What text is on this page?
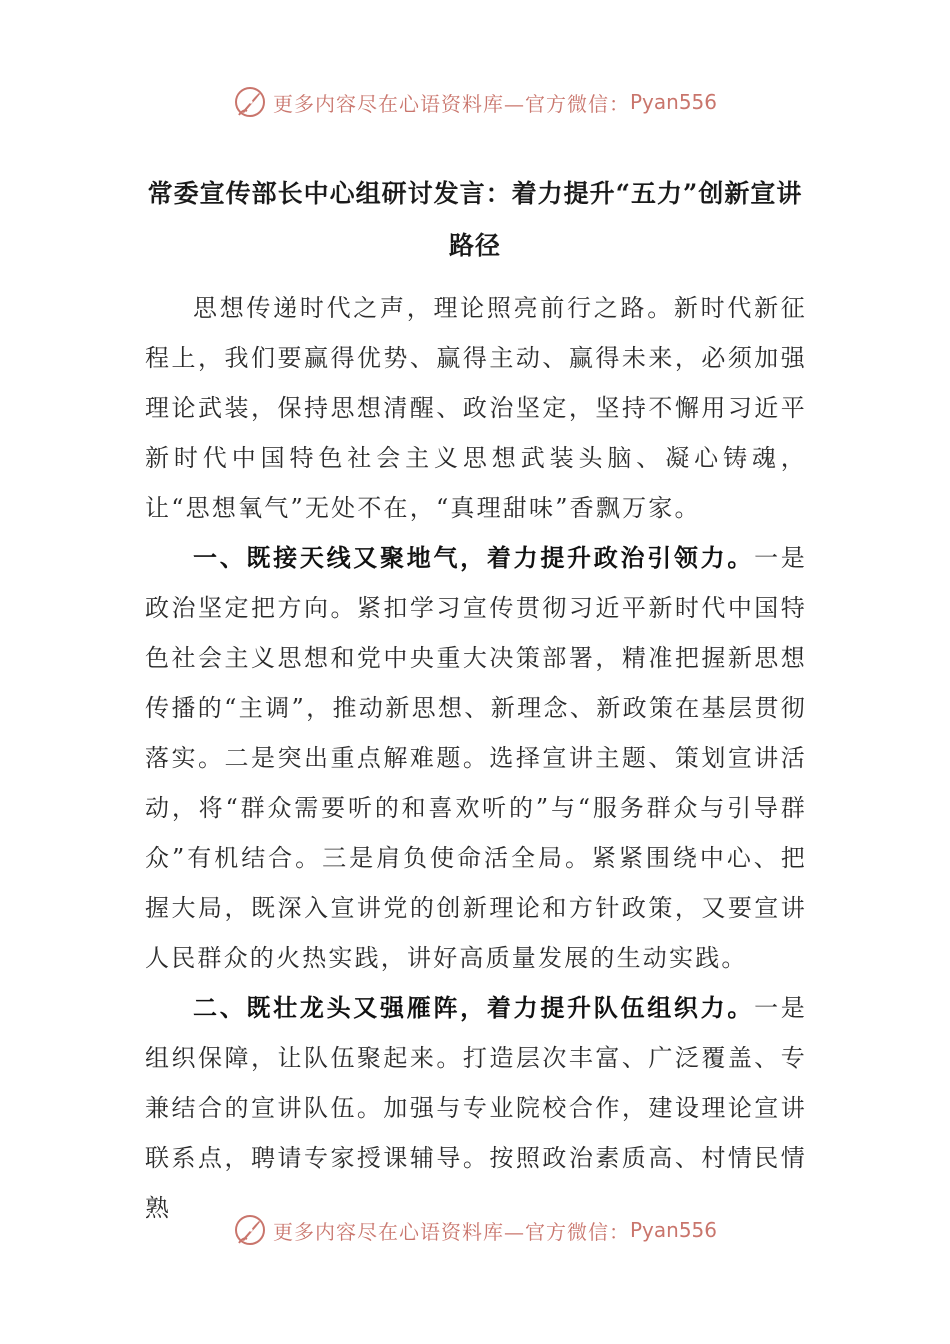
更多内容尽在心语资料库—官方微信： Pyan556
常委宣传部长中心组研讨发言：着力提升“五力”创新宣讲路径

思想传递时代之声，理论照亮前行之路。新时代新征程上，我们要赢得优势、赢得主动、赢得未来，必须加强理论武装，保持思想清醒、政治坚定，坚持不懈用习近平新时代中国特色社会主义思想武装头脑、凝心铸魂，让“思想氧气”无处不在，“真理甜味”香飘万家。

一、既接天线又聚地气，着力提升政治引领力。一是政治坚定把方向。紧扣学习宣传贯彻习近平新时代中国特色社会主义思想和党中央重大决策部署，精准把握新思想传播的“主调”，推动新思想、新理念、新政策在基层贯彻落实。二是突出重点解难题。选择宣讲主题、策划宣讲活动，将“群众需要听的和喜欢听的”与“服务群众与引导群众”有机结合。三是肩负使命活全局。紧紧围绕中心、把握大局，既深入宣讲党的创新理论和方针政策，又要宣讲人民群众的火热实践，讲好高质量发展的生动实践。

二、既壮龙头又强雁阵，着力提升队伍组织力。一是组织保障，让队伍聚起来。打造层次丰富、广泛覆盖、专兼结合的宣讲队伍。加强与专业院校合作，建设理论宣讲联系点，聘请专家授课辅导。按照政治素质高、村情民情熟

更多内容尽在心语资料库—官方微信： Pyan556
